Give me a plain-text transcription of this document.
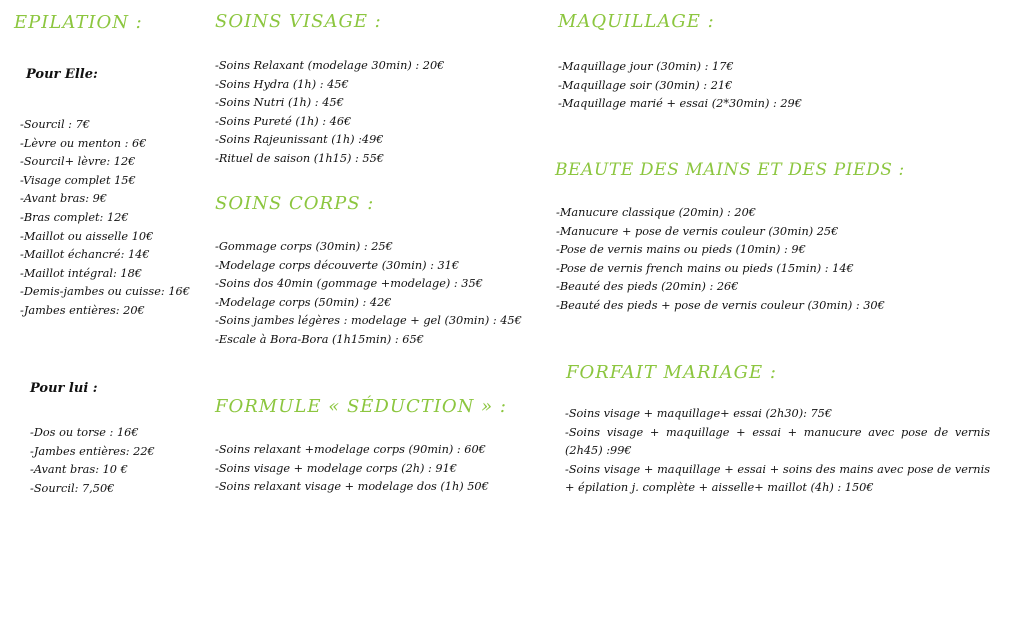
EPILATION :
Pour Elle:
-Sourcil : 7€
-Lèvre ou menton : 6€
-Sourcil+ lèvre: 12€
-Visage complet 15€
-Avant bras: 9€
-Bras complet: 12€
-Maillot ou aisselle 10€
-Maillot échancré: 14€
-Maillot intégral: 18€
-Demis-jambes ou cuisse: 16€
-Jambes entières: 20€
Pour lui :
-Dos ou torse : 16€
-Jambes entières: 22€
-Avant bras: 10 €
-Sourcil: 7,50€
SOINS VISAGE :
-Soins Relaxant (modelage 30min) : 20€
-Soins Hydra (1h) : 45€
-Soins Nutri (1h) : 45€
-Soins Pureté (1h) : 46€
-Soins Rajeunissant (1h) :49€
-Rituel de saison (1h15) : 55€
SOINS CORPS :
-Gommage corps (30min) : 25€
-Modelage corps découverte (30min) : 31€
-Soins dos 40min (gommage +modelage) : 35€
-Modelage corps (50min) : 42€
-Soins jambes légères : modelage + gel (30min) : 45€
-Escale à Bora-Bora (1h15min) : 65€
FORMULE « SÉDUCTION » :
-Soins relaxant +modelage corps (90min) : 60€
-Soins visage + modelage corps (2h) : 91€
-Soins relaxant visage + modelage dos (1h) 50€
MAQUILLAGE :
-Maquillage jour (30min) : 17€
-Maquillage soir (30min) : 21€
-Maquillage marié + essai (2*30min) : 29€
BEAUTE DES MAINS ET DES PIEDS :
-Manucure classique (20min) : 20€
-Manucure + pose de vernis couleur (30min) 25€
-Pose de vernis mains ou pieds (10min) : 9€
-Pose de vernis french mains ou pieds (15min) : 14€
-Beauté des pieds (20min) : 26€
-Beauté des pieds + pose de vernis couleur (30min) : 30€
FORFAIT MARIAGE :
-Soins visage + maquillage+ essai (2h30): 75€
-Soins visage + maquillage + essai + manucure avec pose de vernis (2h45) :99€
-Soins visage + maquillage + essai + soins des mains avec pose de vernis + épilation j. complète + aisselle+ maillot (4h) : 150€
